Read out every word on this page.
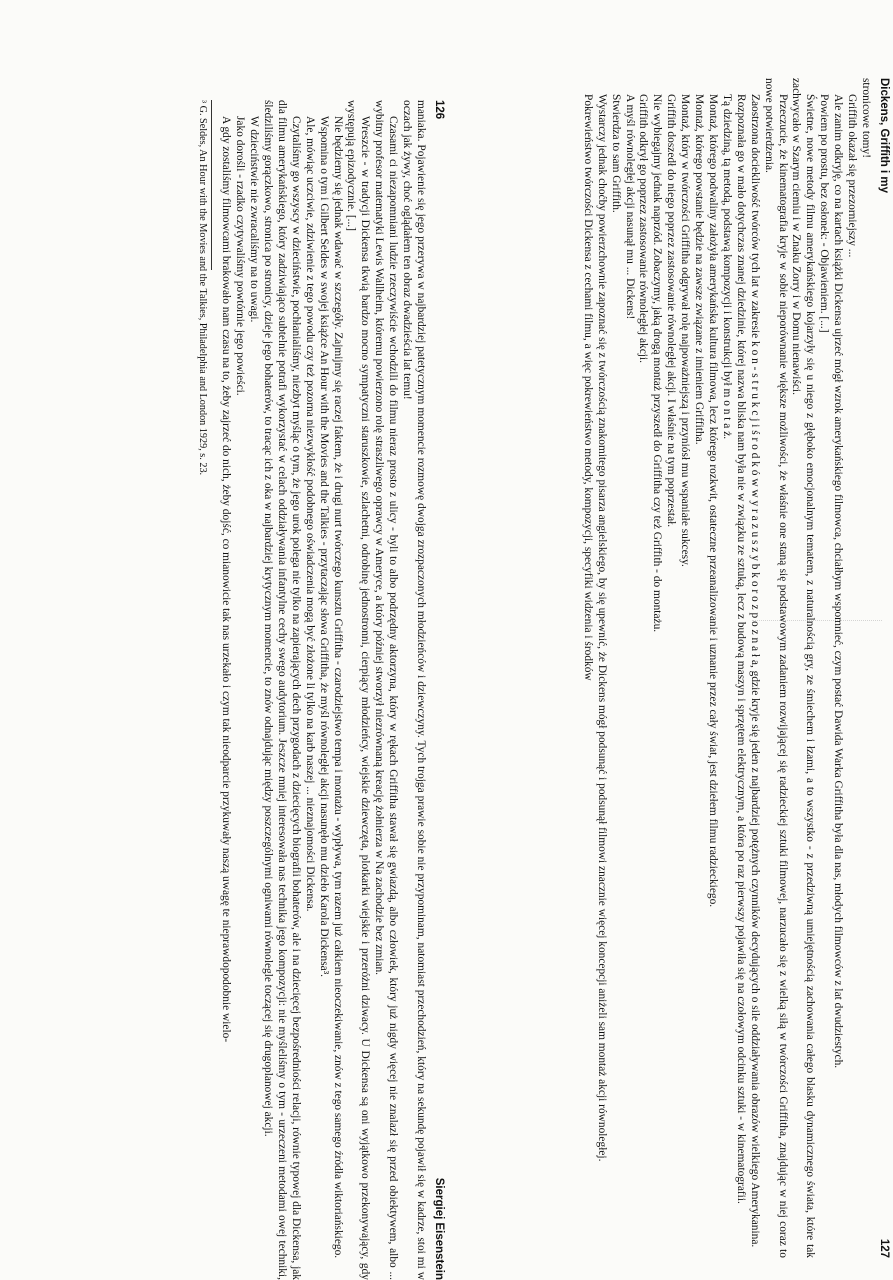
126
Siergiej Eisenstein

maniaka. Pojawienie się jego przerywa w najbardziej patetycznym momencie rozmowę dwojga zrozpaczonych młodzieńców i dziewczyny. Tych trojga prawie sobie nie przypominam, natomiast przechodzień, który na sekundę pojawił się w kadrze, stoi mi w oczach jak żywy, choć oglądałem ten obraz dwadzieścia lat temu!

Czasami ci niezapomniani ludzie rzeczywiście wchodzili do filmu nieraz prosto z ulicy - byli to albo podrzędny aktorzyna, który w rękach Griffitha stawał się gwiazdą, albo człowiek, który już nigdy więcej nie znalazł się przed obiektywem, albo ... wybitny profesor matematyki Lewis Wallheim, któremu powierzono rolę straszliwego oprawcy w Ameryce, a który później stworzył niezrównaną kreację żołnierza w Na zachodzie bez zmian.

Wreszcie - w tradycji Dickensa tkwią bardzo mocno sympatyczni staruszkowie, szlachetni, odrobinę jednostronni, cierpiący młodzieńcy, wiejskie dziewczęta, plotkarki wiejskie i przeróżni dziwacy. U Dickensa są oni wyjątkowo przekonywający, gdy występują epizodycznie. [...]

Nie będziemy się jednak wdawać w szczegóły. Zajmijmy się raczej faktem, że i drugi nurt twórczego kunsztu Griffitha - czarodziejstwo tempa i montażu - wypływa, tym razem już całkiem nieoczekiwanie, znów z tego samego źródła wiktoriańskiego.

Wspomina o tym i Gilbert Seldes w swojej książce An Hour with the Movies and the Talkies - przytaczając słowa Griffitha, że myśl równoległej akcji nasunęło mu dzieło Karola Dickensa³.

Ale, mówiąc uczciwie, zdziwienie z tego powodu czy też pozorna niezwykłość podobnego oświadczenia mogą być złożone li tylko na karb naszej ... nieznajomości Dickensa.

Czytaliśmy go wszyscy w dzieciństwie, pochłanialiśmy, niezbyt myśląc o tym, że jego urok polega nie tylko na zapierających dech przygodach z dziecięcych biografii bohaterów, ale i na dziecięcej bezpośredniości relacji, równie typowej dla Dickensa, jak dla filmu amerykańskiego, który zadziwiająco subtelnie potrafi wykorzystać w celach oddziaływania infantylne cechy swego audytorium. Jeszcze mniej interesowała nas technika jego kompozycji: nie myśleliśmy o tym - urzeczeni metodami owej techniki, śledziliśmy gorączkowo, stronica po stronicy, dzieje jego bohaterów, to tracąc ich z oka w najbardziej krytycznym momencie, to znów odnajdując między poszczególnymi ogniwami równolegle toczącej się drugoplanowej akcji.

W dzieciństwie nie zwracaliśmy na to uwagi.

Jako dorośli - rzadko czytywaliśmy powtórnie jego powieści.

A gdy zostaliśmy filmowcami brakowało nam czasu na to, żeby zajrzeć do nich, żeby dojść, co mianowicie tak nas urzekało i czym tak nieodparcie przykuwały naszą uwagę te nieprawdopodobnie wielo-

³ G. Seldes, An Hour with the Movies and the Talkies, Philadelphia and London 1929, s. 23.	Dickens, Griffith i my
127

stronicowe tomy!

Griffith okazał się przezorniejszy ...

Ale zanim odkryję, co na kartach książki Dickensa ujrzeć mógł wzrok amerykańskiego filmowca, chciałbym wspomnieć, czym postać Dawida Warka Griffitha była dla nas, młodych filmowców z lat dwudziestych.

Powiem po prostu, bez osłonek: - Objawieniem. [...]

Świetne, nowe metody filmu amerykańskiego kojarzyły się u niego z głęboko emocjonalnym tematem, z naturalnością gry, ze śmiechem i łzami, a to wszystko - z przedziwną umiejętnością zachowania całego blasku dynamicznego świata, które tak zachwycało w Szarym ciemiu i w Znaku Zorry i w Domu nienawiści.

Przeczucie, że kinematografia kryje w sobie nieporównanie większe możliwości, że właśnie one staną się podstawowym zadaniem rozwijającej się radzieckiej sztuki filmowej, narzucało się z wielką siłą w twórczości Griffitha, znajdując w niej coraz to nowe potwierdzenia.

Zaostrzona dociekliwość twórców tych lat w zakresie k o n - s t r u k c j i ś r o d k ó w w y r a z u s z y b k o r o z p o z n a ł a, gdzie kryje się jeden z najbardziej potężnych czynników decydujących o sile oddziaływania obrazów wielkiego Amerykanina.

Rozpoznała go w mało dotychczas znanej dziedzinie, której nazwa bliska nam była nie w związku ze sztuką, lecz z budową maszyn i sprzętem elektrycznym, a która po raz pierwszy pojawiła się na czołowym odcinku sztuki - w kinematografii.

Tą dziedziną, tą metodą, podstawą kompozycji i konstrukcji był m o n t a ż.

Montaż, którego podwaliny założyła amerykańska kultura filmowa, lecz którego rozkwit, ostateczne przeanalizowanie i uznanie przez cały świat, jest dziełem filmu radzieckiego.

Montaż, którego powstanie będzie na zawsze związane z imieniem Griffitha.

Montaż, który w twórczości Griffitha odgrywał rolę najpoważniejszą i przyniósł mu wspaniałe sukcesy.

Griffith doszedł do niego poprzez zastosowanie równoległej akcji. I właśnie na tym poprzestał.

Nie wybiegajmy jednak naprzód. Zobaczymy, jaką drogą montaż przyszedł do Griffitha czy też Griffith - do montażu.

Griffith odkrył go poprzez zastosowanie równoległej akcji.

A myśl równoległej akcji nasunął mu ... Dickens!

Stwierdza to sam Griffith.

Wystarczy jednak choćby powierzchownie zapoznać się z twórczością znakomitego pisarza angielskiego, by się upewnić, że Dickens mógł podsunąć i podsunął filmowi znacznie więcej koncepcji aniżeli sam montaż akcji równoległej.

Pokrewieństwo twórczości Dickensa z cechami filmu, a więc pokrewieństwo metody, kompozycji, specyfiki widzenia i środków
